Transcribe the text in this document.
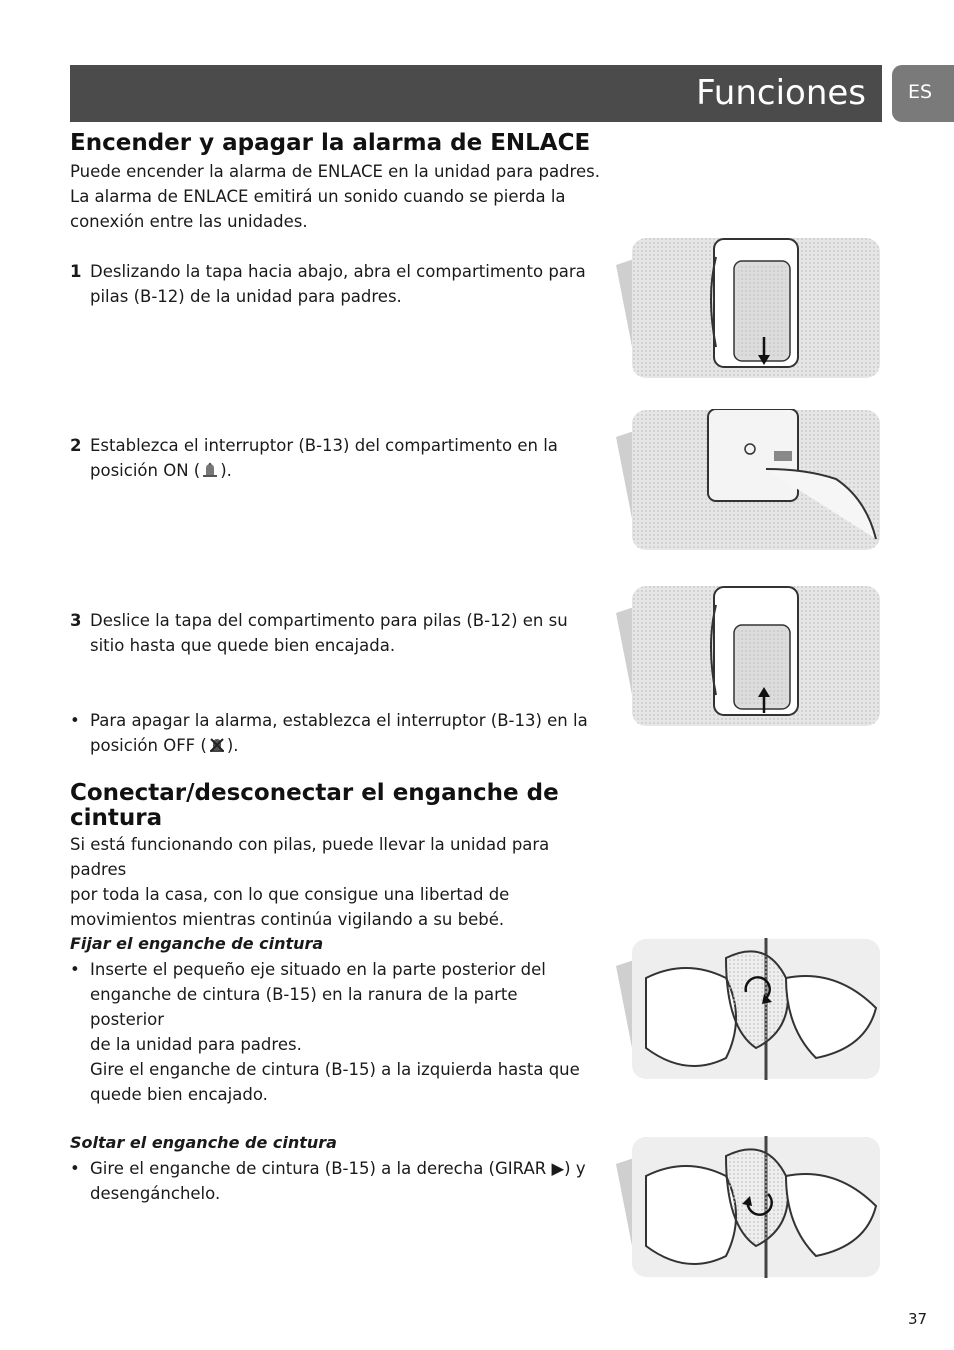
Funciones ES
Encender y apagar la alarma de ENLACE
Puede encender la alarma de ENLACE en la unidad para padres.
La alarma de ENLACE emitirá un sonido cuando se pierda la
conexión entre las unidades.
1 Deslizando la tapa hacia abajo, abra el compartimento para
pilas (B-12) de la unidad para padres.
2 Establezca el interruptor (B-13) del compartimento en la
posición ON ( ).
3 Deslice la tapa del compartimento para pilas (B-12) en su
sitio hasta que quede bien encajada.
• Para apagar la alarma, establezca el interruptor (B-13) en la
posición OFF ( ).
Conectar/desconectar el enganche de
cintura
Si está funcionando con pilas, puede llevar la unidad para padres
por toda la casa, con lo que consigue una libertad de
movimientos mientras continúa vigilando a su bebé.
Fijar el enganche de cintura
• Inserte el pequeño eje situado en la parte posterior del
enganche de cintura (B-15) en la ranura de la parte posterior
de la unidad para padres.
Gire el enganche de cintura (B-15) a la izquierda hasta que
quede bien encajado.
Soltar el enganche de cintura
• Gire el enganche de cintura (B-15) a la derecha (GIRAR ▶) y
desengánchelo.
37
